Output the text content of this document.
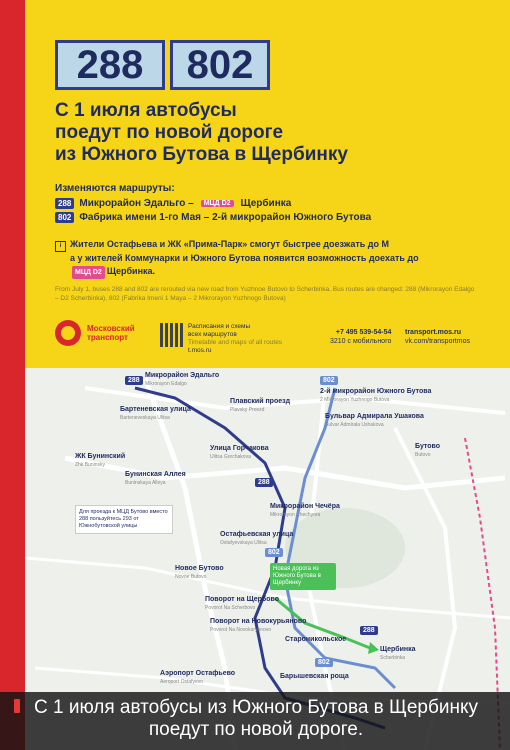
288	802
С 1 июля автобусы
поедут по новой дороге
из Южного Бутова в Щербинку
Изменяются маршруты:
288 Микрорайон Эдальго –	МЦД D2	Щербинка
802 Фабрика имени 1-го Мая – 2-й микрорайон Южного Бутова
i Жители Остафьева и ЖК «Прима-Парк» смогут быстрее доезжать до М
а у жителей Коммунарки и Южного Бутова появится возможность доехать до
МЦД D2 Щербинка.
From July 1, buses 288 and 802 are rerouted via new road from Yuzhnoe Butovo to Scherbinka. Bus routes are changed: 288 (Mikrorayon Edalgo – D2 Scherbinka), 802 (Fabrika Imeni 1 Maya – 2 Mikrorayon Yuzhnogo Butova)
Московский
транспорт
Расписания и схемы
всех маршрутов
Timetable and maps of all routes
t.mos.ru
+7 495 539-54-54
3210 с мобильного
transport.mos.ru
vk.com/transportmos
Микрорайон Эдальго
Mikrorayon Edalgo
2-й микрорайон Южного Бутова
2 Mikrorayon Yuzhnogo Butova
Бартеневская улица
Barteneveskaya Ulitsa
Плавский проезд
Plavsky Proezd
Бульвар Адмирала Ушакова
Bulvar Admirala Ushakova
Улица Горчакова
Ulitsa Gorchakova
Бутово
Butovo
ЖК Бунинский
Zhk Buninsky
Бунинская Аллея
Buninskaya Alleya
Микрорайон Чечёра
Mikrorayon Chechyora
Остафьевская улица
Ostafyevskaya Ulitsa
Новое Бутово
Novoe Butovo
Поворот на Щербово
Povorot Na Scherbovo
Поворот на Новокурьяново
Povorot Na Novokuryanovo
Староникольское
Щербинка
Scherbinka
Аэропорт Остафьево
Aeroport Ostafyevo
Барышевская роща
288	802
288
802
288
802
Новая дорога из Южного Бутова в Щербинку
Для проезда к МЦД Бутово вместо 288 пользуйтесь 293 от Южнобутовской улицы
С 1 июля автобусы из Южного Бутова в Щербинку поедут по новой дороге.
